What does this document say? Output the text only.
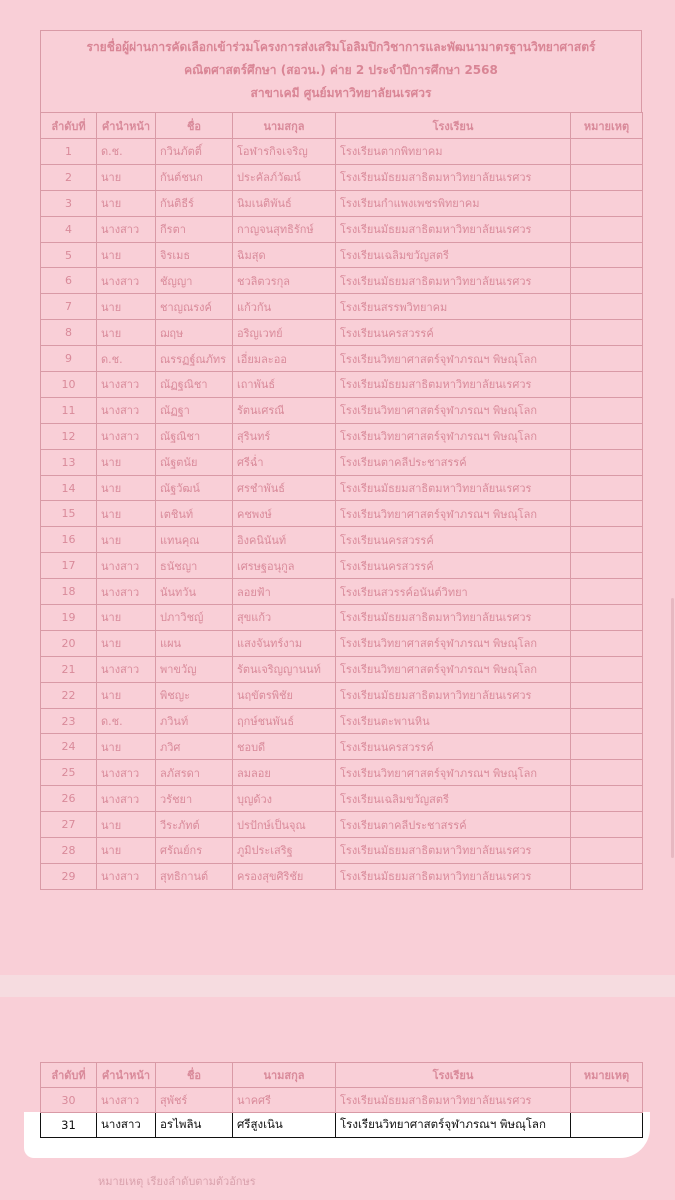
รายชื่อผู้ผ่านการคัดเลือกเข้าร่วมโครงการส่งเสริมโอลิมปิกวิชาการและพัฒนามาตรฐานวิทยาศาสตร์
คณิตศาสตร์ศึกษา (สอวน.) ค่าย 2 ประจำปีการศึกษา 2568
สาขาเคมี ศูนย์มหาวิทยาลัยนเรศวร
ลำดับที่	คำนำหน้า	ชื่อ	นามสกุล	โรงเรียน	หมายเหตุ
1	ด.ช.	กวินภัตติ์	โอฬารกิจเจริญ	โรงเรียนตากพิทยาคม	
2	นาย	กันต์ชนก	ประคัลภ์วัฒน์	โรงเรียนมัธยมสาธิตมหาวิทยาลัยนเรศวร	
3	นาย	กันติธีร์	นิมเนติพันธ์	โรงเรียนกำแพงเพชรพิทยาคม	
4	นางสาว	กีรตา	กาญจนสุทธิรักษ์	โรงเรียนมัธยมสาธิตมหาวิทยาลัยนเรศวร	
5	นาย	จิรเมธ	ฉิมสุด	โรงเรียนเฉลิมขวัญสตรี	
6	นางสาว	ชัญญา	ชวลิตวรกุล	โรงเรียนมัธยมสาธิตมหาวิทยาลัยนเรศวร	
7	นาย	ชาญณรงค์	แก้วกัน	โรงเรียนสรรพวิทยาคม	
8	นาย	ฌฤษ	อริญเวทย์	โรงเรียนนครสวรรค์	
9	ด.ช.	ณรรฏฐ์ณภัทร	เอี่ยมละออ	โรงเรียนวิทยาศาสตร์จุฬาภรณฯ พิษณุโลก	
10	นางสาว	ณัฏฐณิชา	เถาพันธ์	โรงเรียนมัธยมสาธิตมหาวิทยาลัยนเรศวร	
11	นางสาว	ณัฏฐา	รัตนเศรณี	โรงเรียนวิทยาศาสตร์จุฬาภรณฯ พิษณุโลก	
12	นางสาว	ณัฐณิชา	สุรินทร์	โรงเรียนวิทยาศาสตร์จุฬาภรณฯ พิษณุโลก	
13	นาย	ณัฐตนัย	ศรีฉ่ำ	โรงเรียนตาคลีประชาสรรค์	
14	นาย	ณัฐวัฒน์	ศรชำพันธ์	โรงเรียนมัธยมสาธิตมหาวิทยาลัยนเรศวร	
15	นาย	เตชินท์	คชพงษ์	โรงเรียนวิทยาศาสตร์จุฬาภรณฯ พิษณุโลก	
16	นาย	แทนคุณ	อิงคนินันท์	โรงเรียนนครสวรรค์	
17	นางสาว	ธนัชญา	เศรษฐอนุกูล	โรงเรียนนครสวรรค์	
18	นางสาว	นันทวัน	ลอยฟ้า	โรงเรียนสวรรค์อนันต์วิทยา	
19	นาย	ปภาวิชญ์	สุขแก้ว	โรงเรียนมัธยมสาธิตมหาวิทยาลัยนเรศวร	
20	นาย	แผน	แสงจันทร์งาม	โรงเรียนวิทยาศาสตร์จุฬาภรณฯ พิษณุโลก	
21	นางสาว	พาขวัญ	รัตนเจริญญานนท์	โรงเรียนวิทยาศาสตร์จุฬาภรณฯ พิษณุโลก	
22	นาย	พิชญะ	นฤขัตรพิชัย	โรงเรียนมัธยมสาธิตมหาวิทยาลัยนเรศวร	
23	ด.ช.	ภวินท์	ฤกษ์ชนพันธ์	โรงเรียนตะพานหิน	
24	นาย	ภวิศ	ชอบดี	โรงเรียนนครสวรรค์	
25	นางสาว	ลภัสรดา	ลมลอย	โรงเรียนวิทยาศาสตร์จุฬาภรณฯ พิษณุโลก	
26	นางสาว	วรัชยา	บุญด้วง	โรงเรียนเฉลิมขวัญสตรี	
27	นาย	วีระภัทต์	ปรปักษ์เป็นจุณ	โรงเรียนตาคลีประชาสรรค์	
28	นาย	ศรัณย์กร	ภูมิประเสริฐ	โรงเรียนมัธยมสาธิตมหาวิทยาลัยนเรศวร	
29	นางสาว	สุทธิกานต์	ครองสุขศิริชัย	โรงเรียนมัธยมสาธิตมหาวิทยาลัยนเรศวร	
ลำดับที่	คำนำหน้า	ชื่อ	นามสกุล	โรงเรียน	หมายเหตุ
30	นางสาว	สุพัชร์	นาคศรี	โรงเรียนมัธยมสาธิตมหาวิทยาลัยนเรศวร	
31	นางสาว	อรไพลิน	ศรีสูงเนิน	โรงเรียนวิทยาศาสตร์จุฬาภรณฯ พิษณุโลก	
หมายเหตุ เรียงลำดับตามตัวอักษร
